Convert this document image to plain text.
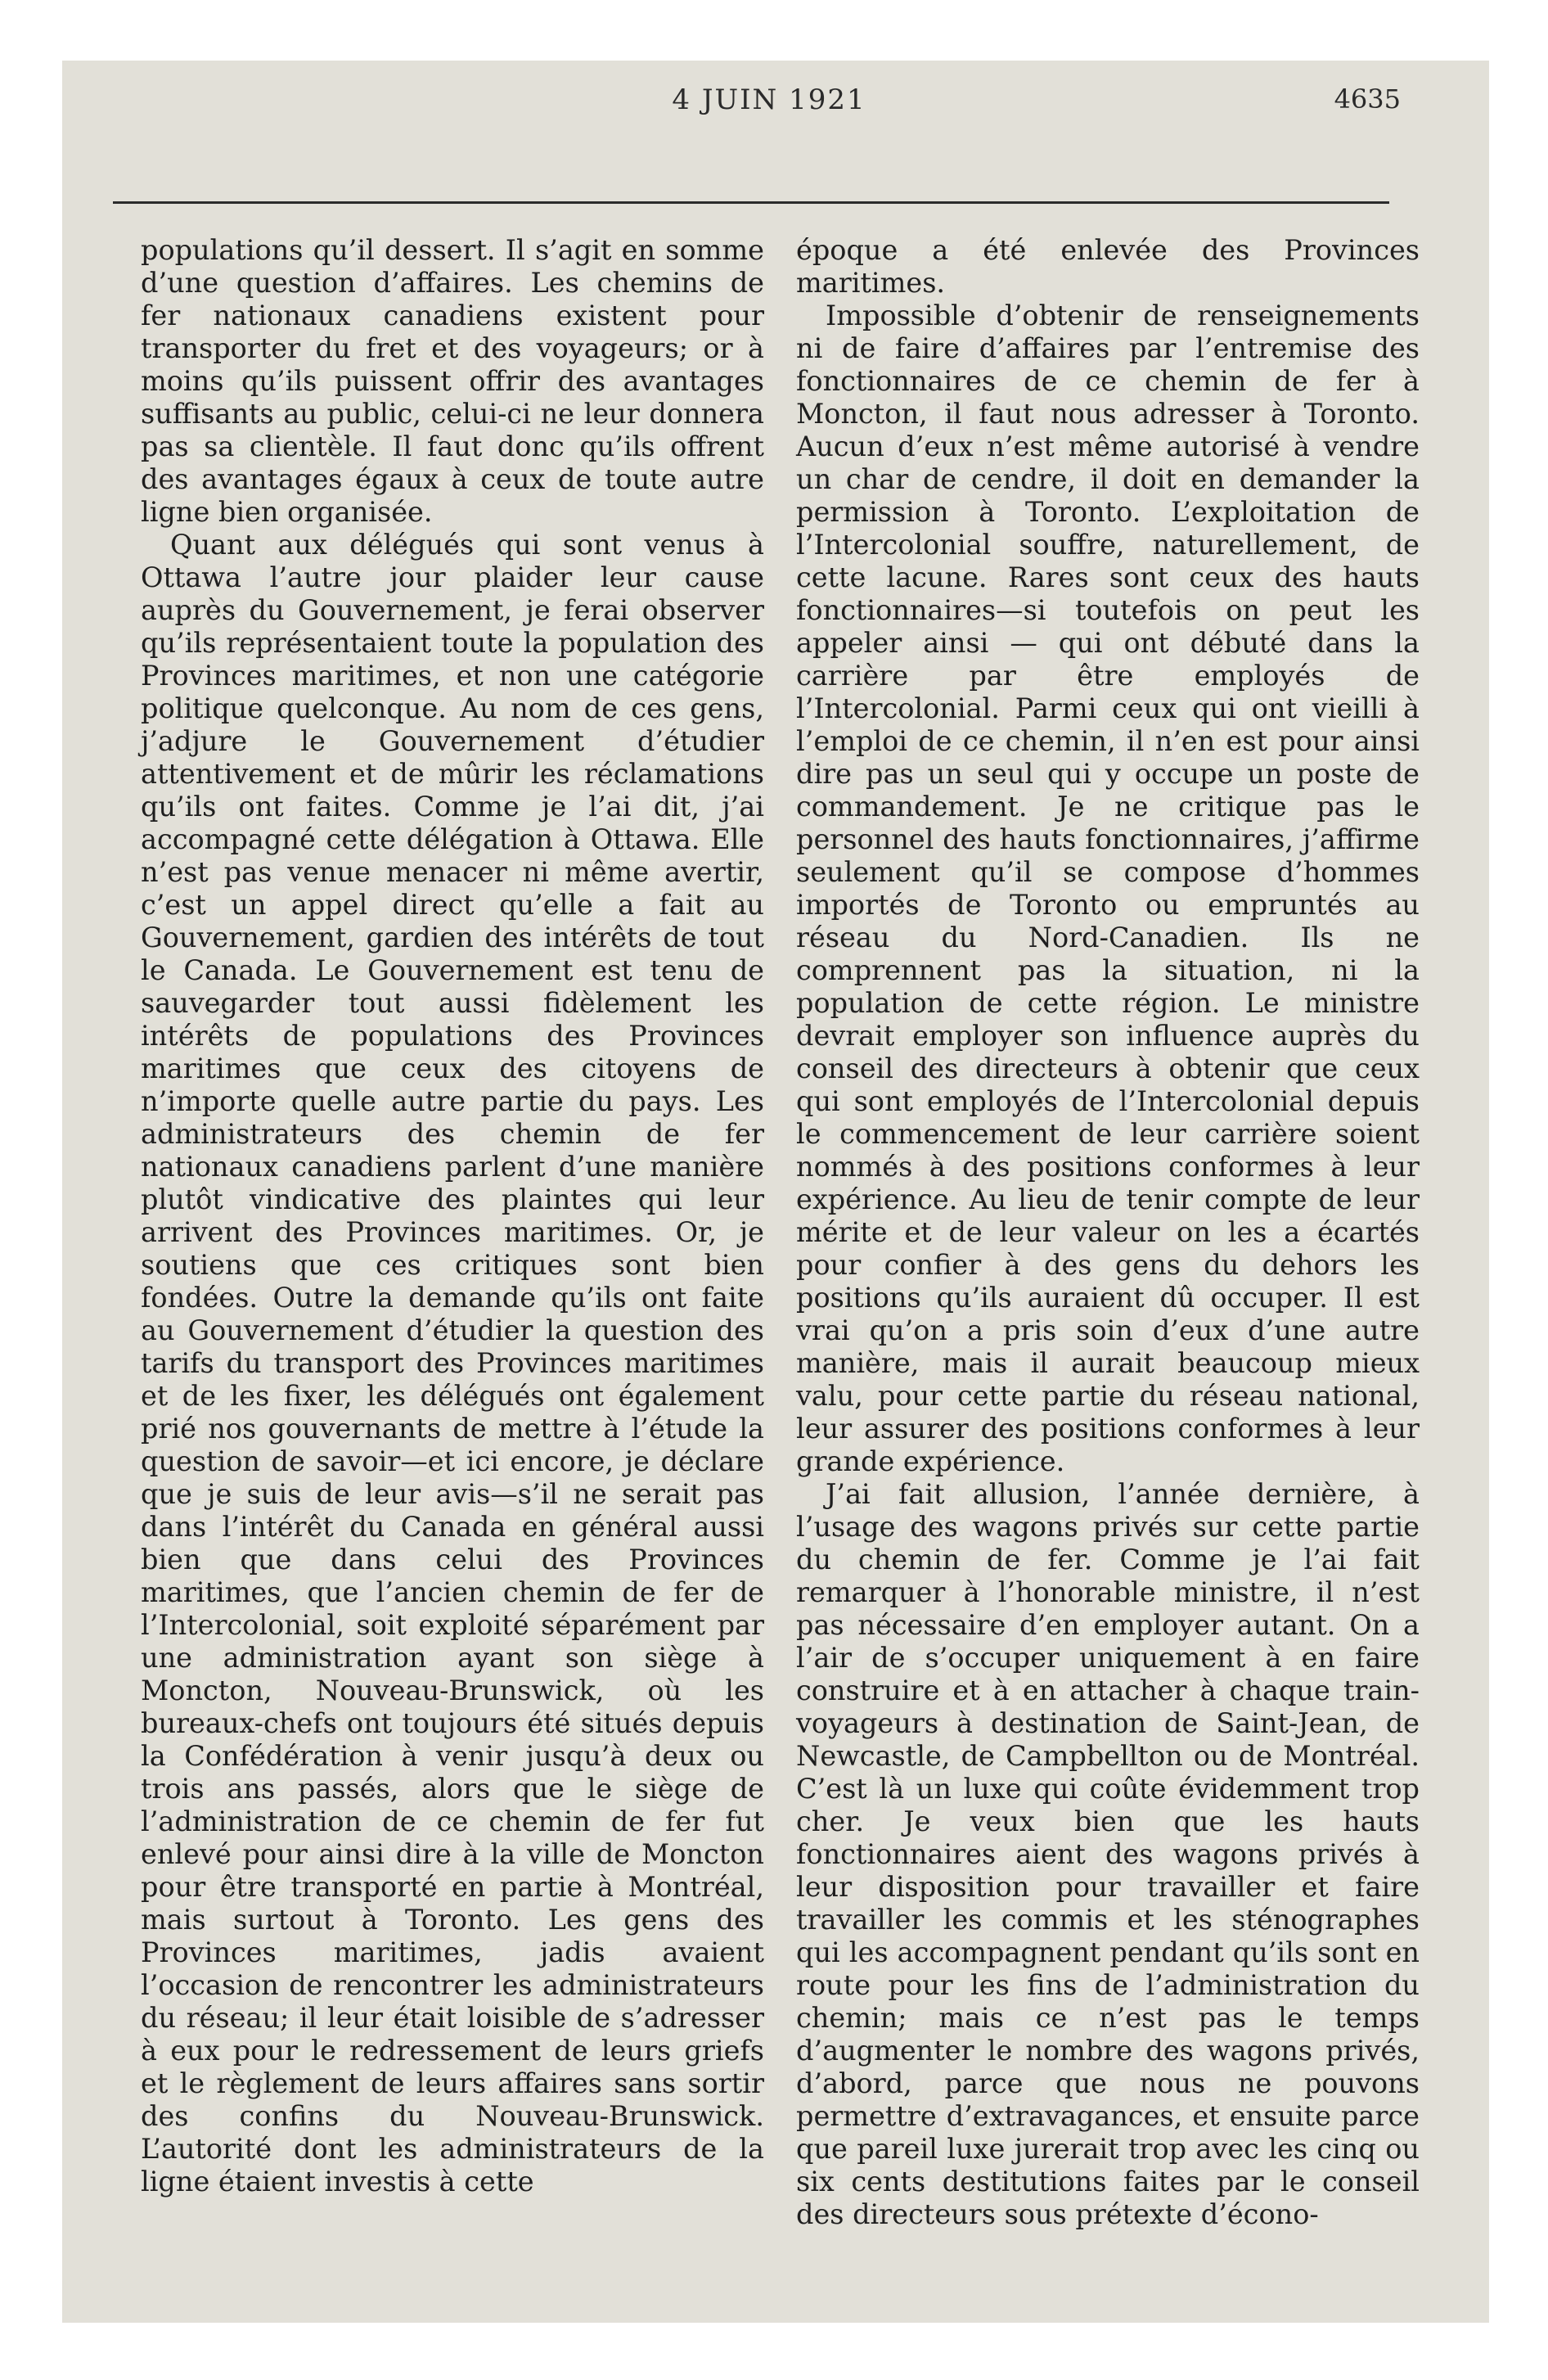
4 JUIN 1921	4635

populations qu’il dessert. Il s’agit en somme d’une question d’affaires. Les chemins de fer nationaux canadiens existent pour transporter du fret et des voyageurs; or à moins qu’ils puissent offrir des avantages suffisants au public, celui-ci ne leur donnera pas sa clientèle. Il faut donc qu’ils offrent des avantages égaux à ceux de toute autre ligne bien organisée.

Quant aux délégués qui sont venus à Ottawa l’autre jour plaider leur cause auprès du Gouvernement, je ferai observer qu’ils représentaient toute la population des Provinces maritimes, et non une catégorie politique quelconque. Au nom de ces gens, j’adjure le Gouvernement d’étudier attentivement et de mûrir les réclamations qu’ils ont faites. Comme je l’ai dit, j’ai accompagné cette délégation à Ottawa. Elle n’est pas venue menacer ni même avertir, c’est un appel direct qu’elle a fait au Gouvernement, gardien des intérêts de tout le Canada. Le Gouvernement est tenu de sauvegarder tout aussi fidèlement les intérêts de populations des Provinces maritimes que ceux des citoyens de n’importe quelle autre partie du pays. Les administrateurs des chemin de fer nationaux canadiens parlent d’une manière plutôt vindicative des plaintes qui leur arrivent des Provinces maritimes. Or, je soutiens que ces critiques sont bien fondées. Outre la demande qu’ils ont faite au Gouvernement d’étudier la question des tarifs du transport des Provinces maritimes et de les fixer, les délégués ont également prié nos gouvernants de mettre à l’étude la question de savoir—et ici encore, je déclare que je suis de leur avis—s’il ne serait pas dans l’intérêt du Canada en général aussi bien que dans celui des Provinces maritimes, que l’ancien chemin de fer de l’Intercolonial, soit exploité séparément par une administration ayant son siège à Moncton, Nouveau-Brunswick, où les bureaux-chefs ont toujours été situés depuis la Confédération à venir jusqu’à deux ou trois ans passés, alors que le siège de l’administration de ce chemin de fer fut enlevé pour ainsi dire à la ville de Moncton pour être transporté en partie à Montréal, mais surtout à Toronto. Les gens des Provinces maritimes, jadis avaient l’occasion de rencontrer les administrateurs du réseau; il leur était loisible de s’adresser à eux pour le redressement de leurs griefs et le règlement de leurs affaires sans sortir des confins du Nouveau-Brunswick. L’autorité dont les administrateurs de la ligne étaient investis à cette

époque a été enlevée des Provinces maritimes.

Impossible d’obtenir de renseignements ni de faire d’affaires par l’entremise des fonctionnaires de ce chemin de fer à Moncton, il faut nous adresser à Toronto. Aucun d’eux n’est même autorisé à vendre un char de cendre, il doit en demander la permission à Toronto. L’exploitation de l’Intercolonial souffre, naturellement, de cette lacune. Rares sont ceux des hauts fonctionnaires—si toutefois on peut les appeler ainsi — qui ont débuté dans la carrière par être employés de l’Intercolonial. Parmi ceux qui ont vieilli à l’emploi de ce chemin, il n’en est pour ainsi dire pas un seul qui y occupe un poste de commandement. Je ne critique pas le personnel des hauts fonctionnaires, j’affirme seulement qu’il se compose d’hommes importés de Toronto ou empruntés au réseau du Nord-Canadien. Ils ne comprennent pas la situation, ni la population de cette région. Le ministre devrait employer son influence auprès du conseil des directeurs à obtenir que ceux qui sont employés de l’Intercolonial depuis le commencement de leur carrière soient nommés à des positions conformes à leur expérience. Au lieu de tenir compte de leur mérite et de leur valeur on les a écartés pour confier à des gens du dehors les positions qu’ils auraient dû occuper. Il est vrai qu’on a pris soin d’eux d’une autre manière, mais il aurait beaucoup mieux valu, pour cette partie du réseau national, leur assurer des positions conformes à leur grande expérience.

J’ai fait allusion, l’année dernière, à l’usage des wagons privés sur cette partie du chemin de fer. Comme je l’ai fait remarquer à l’honorable ministre, il n’est pas nécessaire d’en employer autant. On a l’air de s’occuper uniquement à en faire construire et à en attacher à chaque train-voyageurs à destination de Saint-Jean, de Newcastle, de Campbellton ou de Montréal. C’est là un luxe qui coûte évidemment trop cher. Je veux bien que les hauts fonctionnaires aient des wagons privés à leur disposition pour travailler et faire travailler les commis et les sténographes qui les accompagnent pendant qu’ils sont en route pour les fins de l’administration du chemin; mais ce n’est pas le temps d’augmenter le nombre des wagons privés, d’abord, parce que nous ne pouvons permettre d’extravagances, et ensuite parce que pareil luxe jurerait trop avec les cinq ou six cents destitutions faites par le conseil des directeurs sous prétexte d’écono-
